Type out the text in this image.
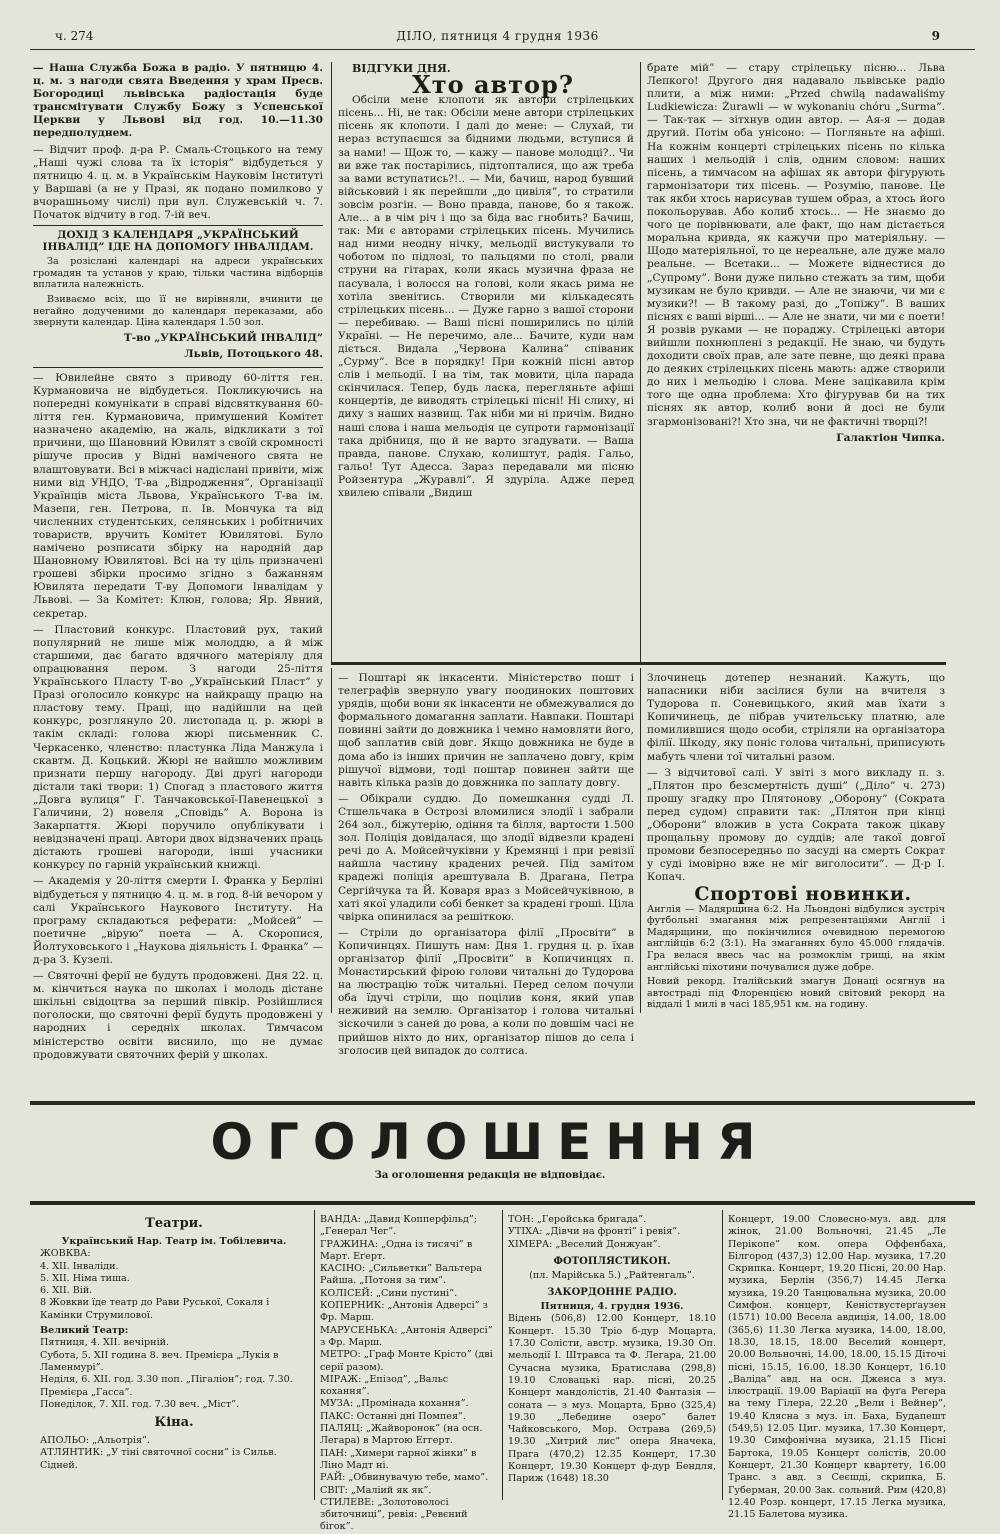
ч. 274	ДІЛО, пятниця 4 грудня 1936	9

— Наша Служба Божа в радіо. У пятницю 4. ц. м. з нагоди свята Введення у храм Пресв. Богородиці львівська радіостація буде трансмітувати Службу Божу з Успенської Церкви у Львові від год. 10.—11.30 передполуднем.

— Відчит проф. д-ра Р. Смаль-Стоцького на тему „Наші чужі слова та їх історія” відбудеться у пятницю 4. ц. м. в Українськім Науковім Інституті у Варшаві (а не у Празі, як подано помилково у вчорашньому числі) при вул. Служевській ч. 7. Початок відчиту в год. 7-ій веч.

ДОХІД З КАЛЕНДАРЯ „УКРАЇНСЬКИЙ ІНВАЛІД” ІДЕ НА ДОПОМОГУ ІНВАЛІДАМ.

За розіслані календарі на адреси українських громадян та установ у краю, тільки частина відборців вплатила належність.

Взиваємо всіх, що її не вирівняли, вчинити це негайно додученими до календаря переказами, або звернути календар. Ціна календаря 1.50 зол.

Т-во „УКРАЇНСЬКИЙ ІНВАЛІД”

Львів, Потоцького 48.

— Ювилейне свято з приводу 60-ліття ген. Курмановича не відбудеться. Покликуючись на попередні комунікати в справі відсвяткування 60-ліття ген. Курмановича, примушений Комітет назначено академію, на жаль, відкликати з тої причини, що Шановний Ювилят з своїй скромності рішуче просив у Відні наміченого свята не влаштовувати. Всі в міжчасі надіслані привіти, між ними від УНДО, Т-ва „Відродження”, Організації Українців міста Львова, Українського Т-ва ім. Мазепи, ген. Петрова, п. Ів. Мончука та від численних студентських, селянських і робітничих товариств, вручить Комітет Ювилятові. Було намічено розписати збірку на народній дар Шановному Ювилятові. Всі на ту ціль призначені грошеві збірки просимо згідно з бажанням Ювилята передати Т-ву Допомоги Інвалідам у Львові. — За Комітет: Клюн, голова; Яр. Явний, секретар.

— Пластовий конкурс. Пластовий рух, такий популярний не лише між молоддю, а й між старшими, дає багато вдячного матеріялу для опрацювання пером. З нагоди 25-ліття Українського Пласту Т-во „Український Пласт” у Празі оголосило конкурс на найкращу працю на пластову тему. Праці, що надійшли на цей конкурс, розглянуло 20. листопада ц. р. жюрі в такім складі: голова жюрі письменник С. Черкасенко, членство: пластунка Ліда Манжула і скавтм. Д. Коцький. Жюрі не найшло можливим признати першу нагороду. Дві другі нагороди дістали такі твори: 1) Спогад з пластового життя „Довга вулиця” Г. Танчаковської-Павенецької з Галичини, 2) новеля „Сповідь” А. Ворона із Закарпаття. Жюрі поручило опублікувати і невідзначені праці. Автори двох відзначених праць дістають грошеві нагороди, інші учасники конкурсу по гарній український книжці.

— Академія у 20-ліття смерти І. Франка у Берліні відбудеться у пятницю 4. ц. м. в год. 8-ій вечором у салі Українського Наукового Інституту. На програму складаються реферати: „Мойсей” — поетичне „вірую” поета — А. Скоропися, Йолтуховського і „Наукова діяльність І. Франка” — д-ра З. Кузелі.

— Святочні ферії не будуть продовжені. Дня 22. ц. м. кінчиться наука по школах і молодь дістане шкільні свідоцтва за перший півкір. Розійшлися поголоски, що святочні ферії будуть продовжені у народних і середніх школах. Тимчасом міністерство освіти виснило, що не думає продовжувати святочних ферій у школах.

ВІДГУКИ ДНЯ.

Хто автор?

Обсіли мене клопоти як автори стрілецьких пісень... Ні, не так: Обсіли мене автори стрілецьких пісень як клопоти. І далі до мене: — Слухай, ти нераз вступаєшся за бідними людьми, вступися й за нами! — Щож то, — кажу — панове молодці?.. Чи ви вже так постарілись, підтопталися, що аж треба за вами вступатись?!.. — Ми, бачиш, народ бувший військовий і як перейшли „до цивіля”, то стратили зовсім розгін. — Воно правда, панове, бо я також. Але... а в чім річ і що за біда вас гнобить? Бачиш, так: Ми є авторами стрілецьких пісень. Мучились над ними неодну нічку, мельодії вистукували то чоботом по підлозі, то пальцями по столі, рвали струни на гітарах, коли якась музична фраза не пасувала, і волосся на голові, коли якась рима не хотіла звенітись. Створили ми кількадесять стрілецьких пісень... — Дуже гарно з вашої сторони — перебиваю. — Ваші пісні поширились по цілій Україні. — Не перечимо, але... Бачите, куди нам діється. Видала „Червона Калина” співаник „Сурму”. Все в порядку! При кожній пісні автор слів і мельодії. І на тім, так мовити, ціла парада скінчилася. Тепер, будь ласка, перегляньте афіші концертів, де виводять стрілецькі пісні! Ні слиху, ні диху з наших назвищ. Так ніби ми ні причім. Видно наші слова і наша мельодія це супроти гармонізації така дрібниця, що й не варто згадувати. — Ваша правда, панове. Слухаю, колиштут, радія. Гальо, гальо! Тут Адесса. Зараз передавали ми пісню Ройзентура „Журавлі”. Я здуріла. Адже перед хвилею співали „Видиш

брате мій” — стару стрілецьку пісню... Льва Лепкого! Другого дня надавало львівське радіо плити, а між ними: „Przed chwilą nadawaliśmy Ludkiewicza: Żurawli — w wykonaniu chóru „Surma”. — Так-так — зітхнув один автор. — Ая-я — додав другий. Потім оба унісоно: — Погляньте на афіші. На кожнім концерті стрілецьких пісень по кілька наших і мельодій і слів, одним словом: наших пісень, а тимчасом на афішах як автори фігурують гармонізатори тих пісень. — Розумію, панове. Це так якби хтось нарисував тушем образ, а хтось його покольорував. Або колиб хтось... — Не знаємо до чого це порівнювати, але факт, що нам дістається моральна кривда, як кажучи про матеріяльну. — Щодо матеріяльної, то це нереальне, але дуже мало реальне. — Всетаки... — Можете віднестися до „Супрому”. Вони дуже пильно стежать за тим, щоби музикам не було кривди. — Але не знаючи, чи ми є музики?! — В такому разі, до „Топіжу”. В ваших піснях є ваші вірші... — Але не знати, чи ми є поети! Я розвів руками — не пораджу. Стрілецькі автори вийшли похнюплені з редакції. Не знаю, чи будуть доходити своїх прав, але зате певне, що деякі права до деяких стрілецьких пісень мають: адже створили до них і мельодію і слова. Мене зацікавила крім того ще одна проблема: Хто фігурував би на тих піснях як автор, колиб вони й досі не були згармонізовані?! Хто зна, чи не фактичні творці?!

Галактіон Чипка.

— Поштарі як інкасенти. Міністерство пошт і телеграфів звернуло увагу поодиноких поштових урядів, щоби вони як інкасенти не обмежувалися до формального домагання заплати. Навпаки. Поштарі повинні зайти до довжника і чемно намовляти його, щоб заплатив свій довг. Якщо довжника не буде в дома або із інших причин не заплачено довгу, крім рішучої відмови, тоді поштар повинен зайти ще навіть кілька разів до довжника по заплату довгу.

— Обікрали суддю. До помешкання судді Л. Стшельчака в Острозі вломилися злодії і забрали 264 зол., біжутерію, одіння та білля, вартости 1.500 зол. Поліція довідалася, що злодії відвезли крадені речі до А. Мойсейчуківни у Кремянці і при ревізії найшла частину крадених речей. Під замітом крадежі поліція арештувала В. Драгана, Петра Сергійчука та Й. Коваря враз з Мойсейчуківною, в хаті якої уладили собі бенкет за крадені гроші. Ціла чвірка опинилася за решіткою.

— Стріли до організатора філії „Просвіти” в Копичинцях. Пишуть нам: Дня 1. грудня ц. р. їхав організатор філії „Просвіти” в Копичинцях п. Монастирський фірою голови читальні до Тудорова на люстрацію тоїж читальні. Перед селом почули оба їдучі стріли, що поцілив коня, який упав неживий на землю. Організатор і голова читальні зіскочили з саней до рова, а коли по довшім часі не прийшов ніхто до них, організатор пішов до села і зголосив цей випадок до солтиса.

Злочинець дотепер незнаний. Кажуть, що напасники ніби засілися були на вчителя з Тудорова п. Соневицького, який мав їхати з Копичинець, де пібрав учительську платню, але помилившися щодо особи, стріляли на організатора філії. Шкоду, яку поніс голова читальні, приписують мабуть члени тої читальні разом.

— З відчитової салі. У звіті з мого викладу п. з. „Плятон про безсмертність душі” („Діло” ч. 273) прошу згадку про Плятонову „Оборону” (Сократа перед судом) справити так: „Плятон при кінці „Оборони” вложив в уста Сократа також цікаву прощальну промову до суддів; але такої довгої промови безпосередньо по засуді на смерть Сократ у суді імовірно вже не міг виголосити”. — Д-р І. Копач.

Спортові новинки.

Англія — Мадярщина 6:2. На Льондоні відбулися зустріч футбольні змагання між репрезентаціями Англії і Мадярщини, що покінчилися очевидною перемогою англійців 6:2 (3:1). На змаганнях було 45.000 глядачів. Гра велася ввесь час на розмоклім грищі, на якім англійські піхотини почувалися дуже добре.

Новий рекорд. Італійський змагун Донаці осягнув на автостраді під Флоренцією новий світовий рекорд на віддалі 1 милі в часі 185,951 км. на годину.

ОГОЛОШЕННЯ
За оголошення редакція не відповідає.

Театри.

Український Нар. Театр ім. Тобілевича.

ЖОВКВА:

4. XII. Інваліди.

5. XII. Німа тиша.

6. XII. Вій.

8 Жовкви їде театр до Рави Руської, Сокаля і Камінки Струмилової.

Великий Театр:

Пятниця, 4. XII. вечірній.

Субота, 5. XII година 8. веч. Премієра „Лукія в Ламенмурі”.

Неділя, 6. XII. год. 3.30 поп. „Пігаліон”; год. 7.30. Премієра „Гасса”.

Понеділок, 7. XII. год. 7.30 веч. „Міст”.

Кіна.

АПОЛЬО: „Альотрія”.

АТЛЯНТИК: „У тіні святочної сосни” із Сильв. Сідней.

ВАНДА: „Давид Копперфільд”; „Генерал Чег”.

ГРАЖИНА: „Одна із тисячі” в Март. Еґерт.

КАСІНО: „Сильветки” Вальтера Райша. „Потоня за тим”.

КОЛІСЕЙ: „Сини пустині”.

КОПЕРНИК: „Антонія Адверсі” з Фр. Марш.

МАРУСЕНЬКА: „Антонія Адверсі” з Фр. Марш.

МЕТРО: „Граф Монте Крісто” (дві серії разом).

МІРАЖ: „Епізод”, „Вальс кохання”.

МУЗА: „Промінада кохання”.

ПАКС: Останні дні Помпея”.

ПАЛЯЦ: „Жайворонок” (на осн. Легара) в Мартою Еггерт.

ПАН: „Химери гарної жінки” в Ліно Мадт ні.

РАЙ: „Обвинувачую тебе, мамо”.

СВІТ: „Маліий як як”.

СТИЛЕВЕ: „Золотоволосі збиточниці”, ревія: „Ревєний бігок”.

ТОН: „Геройська бригада”.

УТІХА: „Дівчи на фронті” і ревія”.

ХІМЕРА: „Веселий Донжуан”.

ФОТОПЛЯСТИКОН.

(пл. Марійська 5.) „Райтенгаль”.

ЗАКОРДОННЕ РАДІО.

Пятниця, 4. грудня 1936.

Відень (506,8) 12.00 Концерт, 18.10 Концерт. 15.30 Тріо б-дур Моцарта, 17.30 Солісти, австр. музика, 19.30 Оп. мельодії І. Штравса та Ф. Легара, 21.00 Сучасна музика, Братислава (298,8) 19.10 Словацькі нар. пісні, 20.25 Концерт мандолістів, 21.40 Фантазія — соната — з муз. Моцарта, Брно (325,4) 19.30 „Лебедине озеро” балет Чайковського, Мор. Острава (269,5) 19.30 „Хитрий лис” опера Яначека, Прага (470,2) 12.35 Концерт, 17.30 Концерт, 19.30 Концерт ф-дур Бендля, Париж (1648) 18.30

Концерт, 19.00 Словесно-муз. авд. для жінок, 21.00 Вольночні, 21.45 „Ле Перікопе” ком. опера Оффенбаха, Білгород (437,3) 12.00 Нар. музика, 17.20 Скрипка. Концерт, 19.20 Пісні, 20.00 Нар. музика, Берлін (356,7) 14.45 Легка музика, 19.20 Танцювальна музика, 20.00 Симфон. концерт, Кеніствустерґаузен (1571) 10.00 Весела авдиція, 14.00, 18.00 (365,6) 11.30 Легка музика, 14.00, 18.00, 18.30, 18.15, 18.00 Веселий концерт, 20.00 Вольночні, 14.00, 18.00, 15.15 Діточі пісні, 15.15, 16.00, 18.30 Концерт, 16.10 „Валіда” авд. на осн. Дженса з муз. ілюстрації. 19.00 Варіації на фуґа Регера на тему Гілера, 22.20 „Вели і Вейнер”, 19.40 Клясна з муз. іл. Баха, Будапешт (549,5) 12.05 Циг. музика, 17.30 Концерт, 19.30 Симфонічна музика, 21.15 Пісні Бартока, 19.05 Концерт солістів, 20.00 Концерт, 21.30 Концерт квартету, 16.00 Транс. з авд. з Сеєшді, скрипка, Б. Губерман, 20.00 Зак. сольний. Рим (420,8) 12.40 Розр. концерт, 17.15 Легка музика, 21.15 Балетова музика.
